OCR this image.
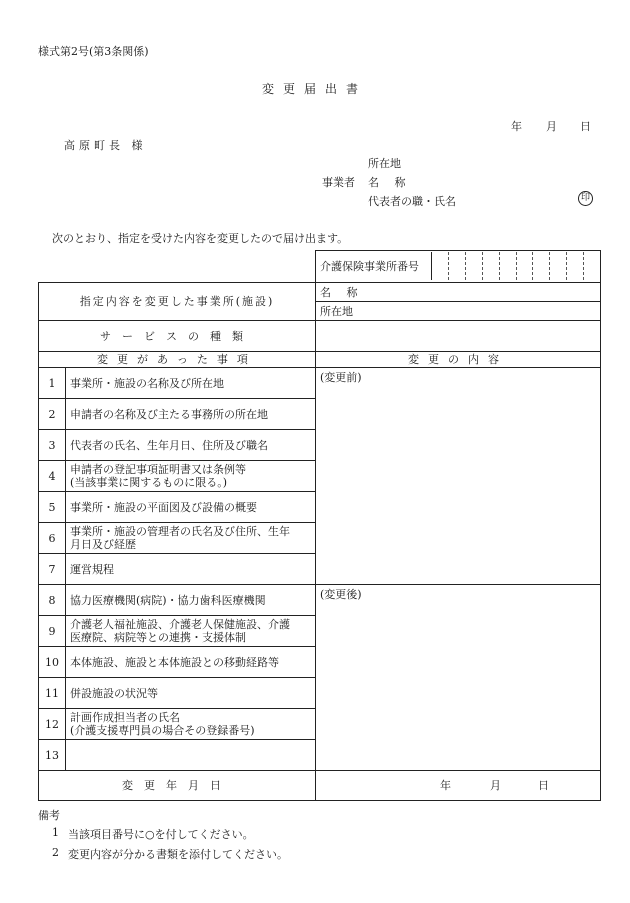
様式第2号(第3条関係)
変更届出書
年 月 日
高原町長 様
所在地
事業者 名 称
代表者の職・氏名	印
次のとおり、指定を受けた内容を変更したので届け出ます。

介護保険事業所番号

指定内容を変更した事業所(施設)		名 称
		所在地
サービスの種類		
変更があった事項		変更の内容
1	事業所・施設の名称及び所在地	(変更前)
2	申請者の名称及び主たる事務所の所在地	
3	代表者の氏名、生年月日、住所及び職名	
4	申請者の登記事項証明書又は条例等
(当該事業に関するものに限る。)	

5	事業所・施設の平面図及び設備の概要	
6	事業所・施設の管理者の氏名及び住所、生年
月日及び経歴	

7	運営規程	
8	協力医療機関(病院)・協力歯科医療機関	(変更後)
9	介護老人福祉施設、介護老人保健施設、介護
医療院、病院等との連携・支援体制	

10	本体施設、施設と本体施設との移動経路等	
11	併設施設の状況等	
12	計画作成担当者の氏名
(介護支援専門員の場合その登録番号)	

13		
変更年月日		年 月 日
備考
1 当該項目番号に○を付してください。
2 変更内容が分かる書類を添付してください。
